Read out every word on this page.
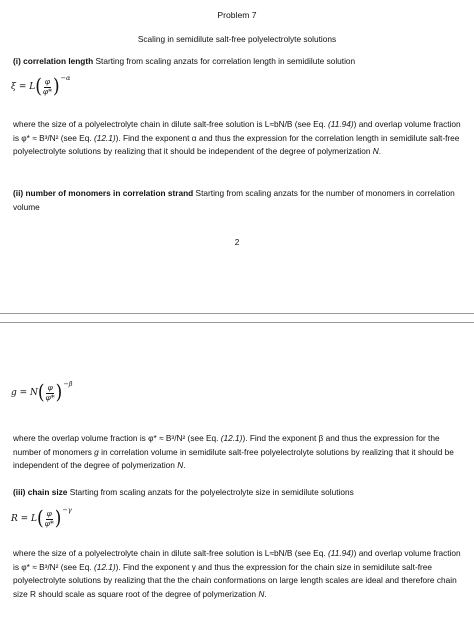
Problem 7
Scaling in semidilute salt-free polyelectrolyte solutions
(i) correlation length Starting from scaling anzats for correlation length in semidilute solution
ξ = L ( $\frac{\varphi}{\varphi*}$ ) −α
where the size of a polyelectrolyte chain in dilute salt-free solution is L≈bN/B (see Eq. (11.94)) and overlap volume fraction is φ* ≈ B³/N² (see Eq. (12.1)). Find the exponent α and thus the expression for the correlation length in semidilute salt-free polyelectrolyte solutions by realizing that it should be independent of the degree of polymerization N.
(ii) number of monomers in correlation strand Starting from scaling anzats for the number of monomers in correlation volume
2
g = N ( $\frac{\varphi}{\varphi*}$ ) −β
where the overlap volume fraction is φ* ≈ B³/N² (see Eq. (12.1)). Find the exponent β and thus the expression for the number of monomers g in correlation volume in semidilute salt-free polyelectrolyte solutions by realizing that it should be independent of the degree of polymerization N.
(iii) chain size Starting from scaling anzats for the polyelectrolyte size in semidilute solutions
R = L ( $\frac{\varphi}{\varphi*}$ ) −γ
where the size of a polyelectrolyte chain in dilute salt-free solution is L≈bN/B (see Eq. (11.94)) and overlap volume fraction is φ* ≈ B³/N² (see Eq. (12.1)). Find the exponent γ and thus the expression for the chain size in semidilute salt-free polyelectrolyte solutions by realizing that the the chain conformations on large length scales are ideal and therefore chain size R should scale as square root of the degree of polymerization N.
